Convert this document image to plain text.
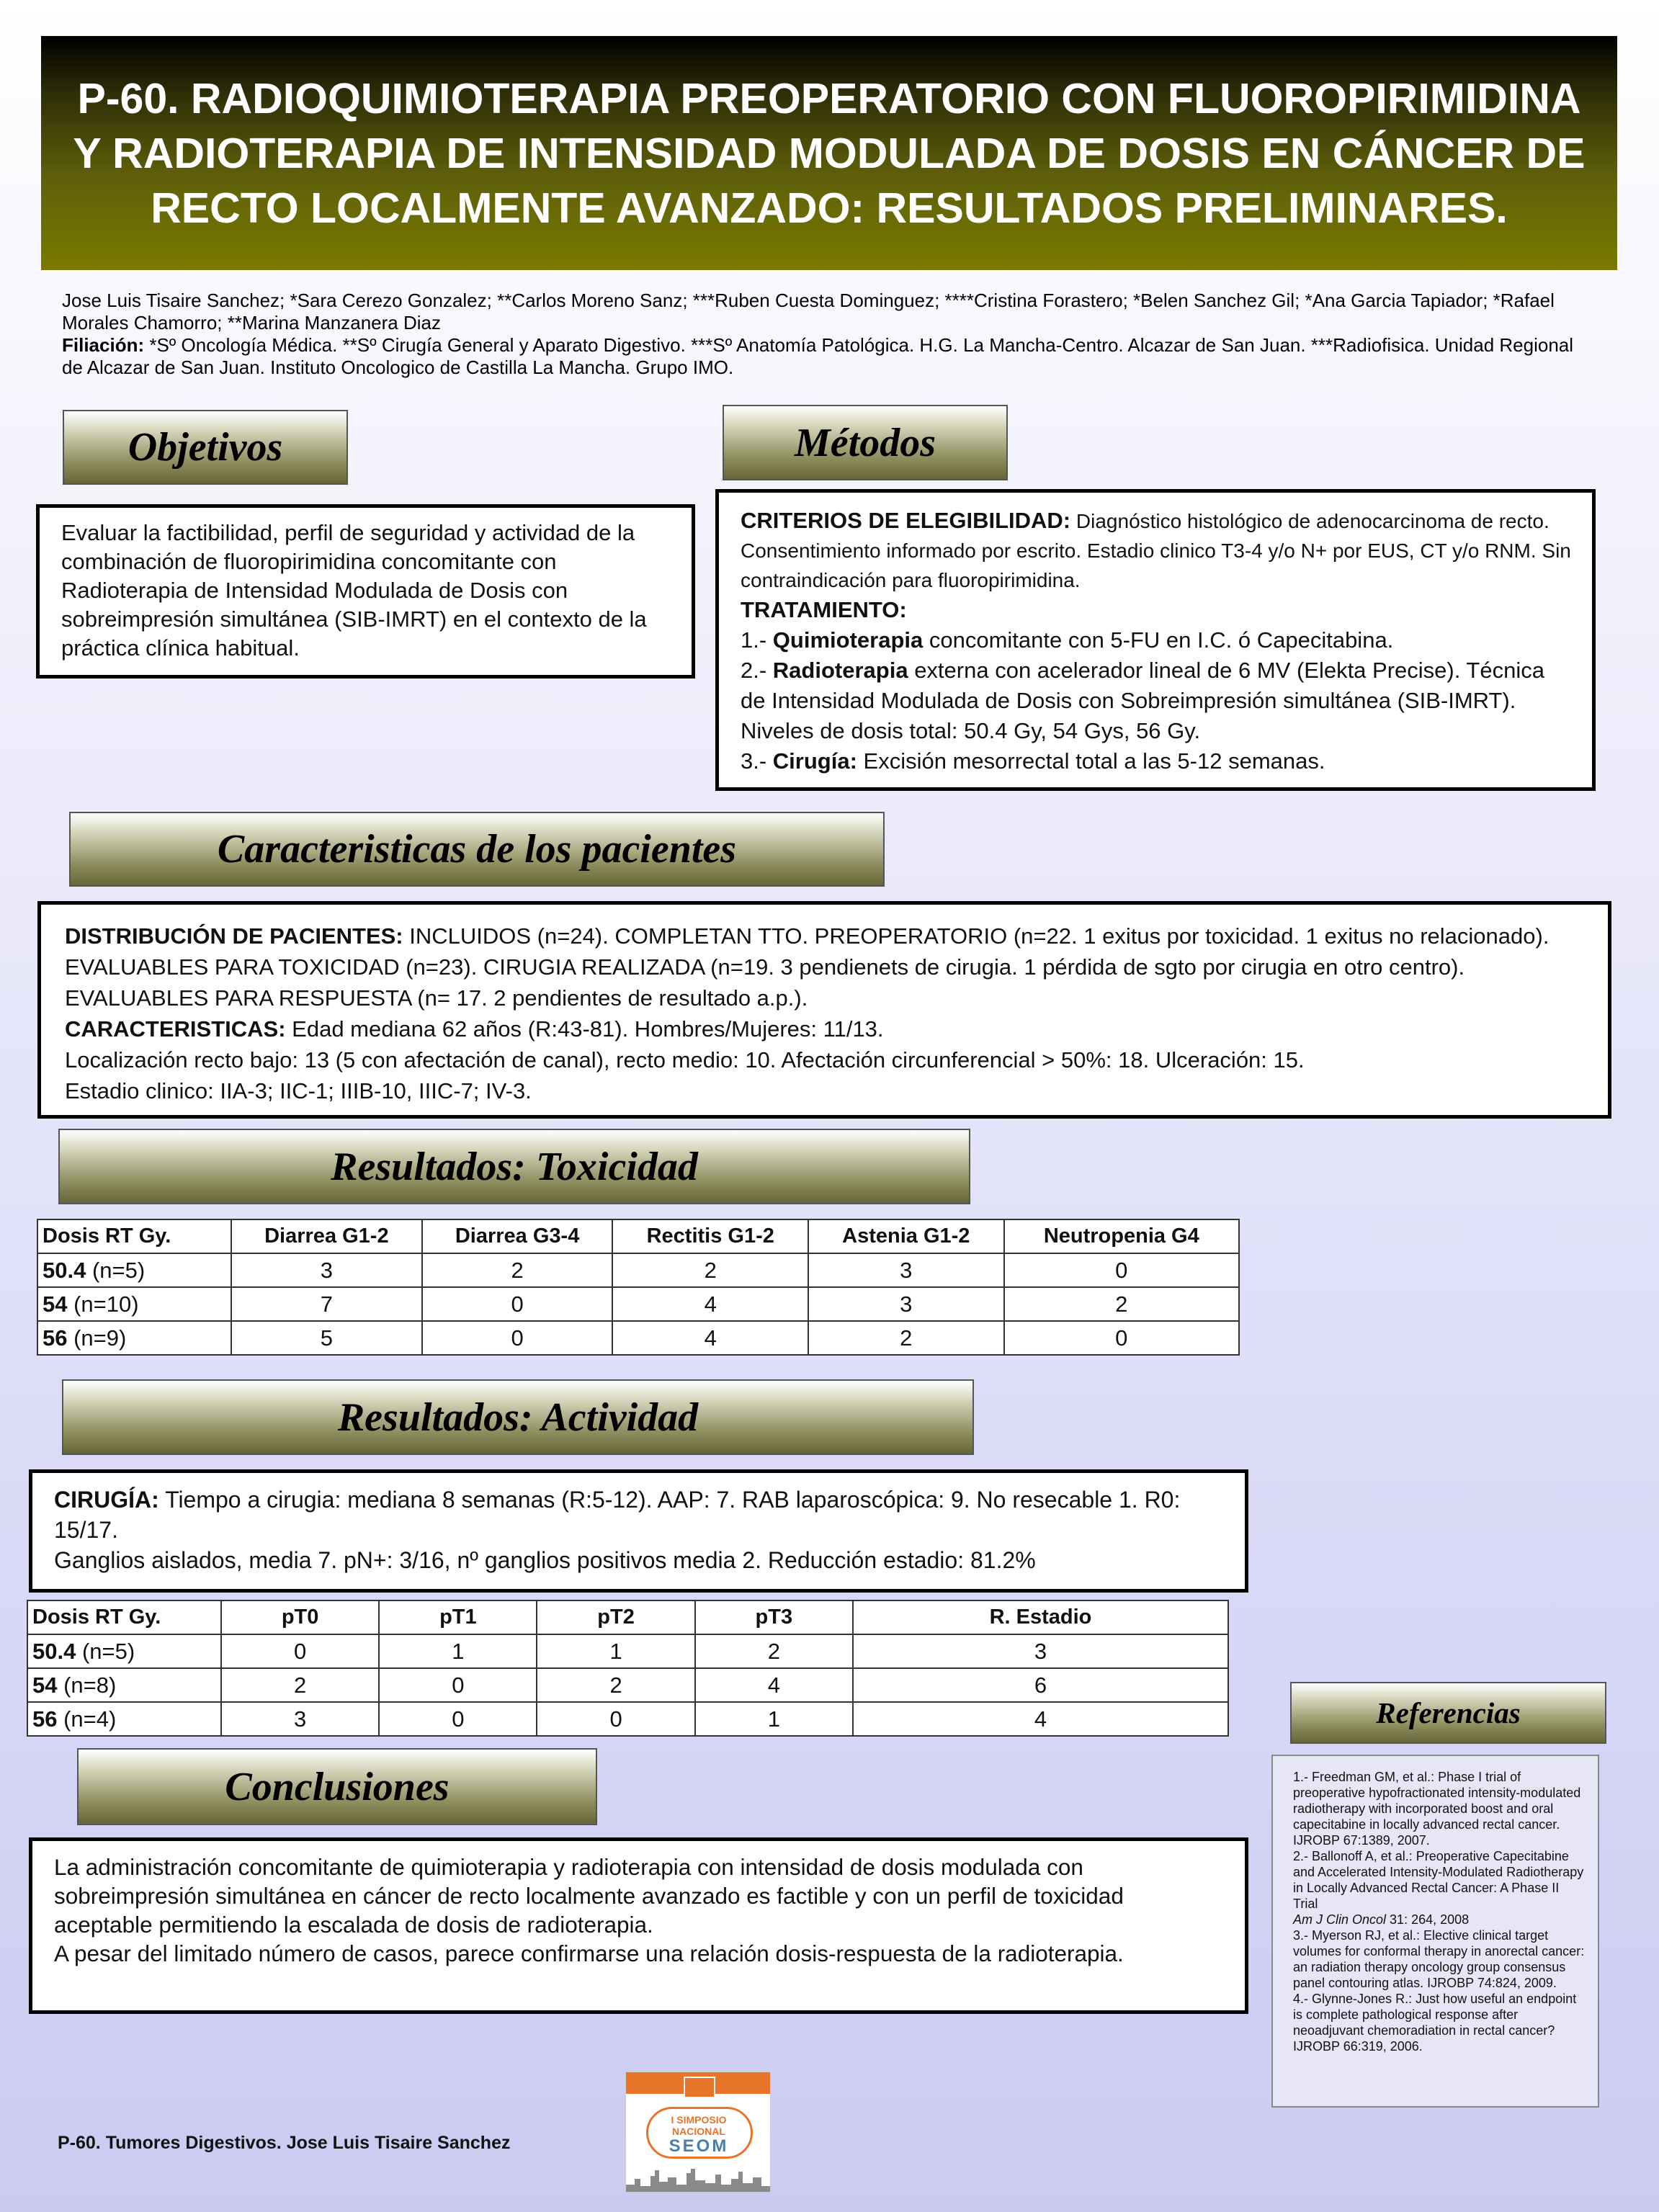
P-60. RADIOQUIMIOTERAPIA PREOPERATORIO CON FLUOROPIRIMIDINA Y RADIOTERAPIA DE INTENSIDAD MODULADA DE DOSIS EN CÁNCER DE RECTO LOCALMENTE AVANZADO: RESULTADOS PRELIMINARES.
Jose Luis Tisaire Sanchez; *Sara Cerezo Gonzalez; **Carlos Moreno Sanz; ***Ruben Cuesta Dominguez; ****Cristina Forastero; *Belen Sanchez Gil; *Ana Garcia Tapiador; *Rafael Morales Chamorro; **Marina Manzanera Diaz
Filiación: *Sº Oncología Médica. **Sº Cirugía General y Aparato Digestivo. ***Sº Anatomía Patológica. H.G. La Mancha-Centro. Alcazar de San Juan. ***Radiofisica. Unidad Regional de Alcazar de San Juan. Instituto Oncologico de Castilla La Mancha. Grupo IMO.
Objetivos
Evaluar la factibilidad, perfil de seguridad y actividad de la combinación de fluoropirimidina concomitante con Radioterapia de Intensidad Modulada de Dosis con sobreimpresión simultánea (SIB-IMRT) en el contexto de la práctica clínica habitual.
Métodos
CRITERIOS DE ELEGIBILIDAD: Diagnóstico histológico de adenocarcinoma de recto. Consentimiento informado por escrito. Estadio clinico T3-4 y/o N+ por EUS, CT y/o RNM. Sin contraindicación para fluoropirimidina.
TRATAMIENTO:
1.- Quimioterapia concomitante con 5-FU en I.C. ó Capecitabina.
2.- Radioterapia externa con acelerador lineal de 6 MV (Elekta Precise). Técnica de Intensidad Modulada de Dosis con Sobreimpresión simultánea (SIB-IMRT). Niveles de dosis total: 50.4 Gy, 54 Gys, 56 Gy.
3.- Cirugía: Excisión mesorrectal total a las 5-12 semanas.
Caracteristicas de los pacientes
DISTRIBUCIÓN DE PACIENTES: INCLUIDOS (n=24). COMPLETAN TTO. PREOPERATORIO (n=22. 1 exitus por toxicidad. 1 exitus no relacionado). EVALUABLES PARA TOXICIDAD (n=23). CIRUGIA REALIZADA (n=19. 3 pendienets de cirugia. 1 pérdida de sgto por cirugia en otro centro). EVALUABLES PARA RESPUESTA (n= 17. 2 pendientes de resultado a.p.).
CARACTERISTICAS: Edad mediana 62 años (R:43-81). Hombres/Mujeres: 11/13.
Localización recto bajo: 13 (5 con afectación de canal), recto medio: 10. Afectación circunferencial > 50%: 18. Ulceración: 15.
Estadio clinico: IIA-3; IIC-1; IIIB-10, IIIC-7; IV-3.
Resultados: Toxicidad
Dosis RT Gy.	Diarrea G1-2	Diarrea G3-4	Rectitis G1-2	Astenia G1-2	Neutropenia G4
50.4 (n=5)	3	2	2	3	0
54 (n=10)	7	0	4	3	2
56 (n=9)	5	0	4	2	0
Resultados: Actividad
CIRUGÍA: Tiempo a cirugia: mediana 8 semanas (R:5-12). AAP: 7. RAB laparoscópica: 9. No resecable 1. R0: 15/17.
Ganglios aislados, media 7. pN+: 3/16, nº ganglios positivos media 2. Reducción estadio: 81.2%
Dosis RT Gy.	pT0	pT1	pT2	pT3	R. Estadio
50.4 (n=5)	0	1	1	2	3
54 (n=8)	2	0	2	4	6
56 (n=4)	3	0	0	1	4
Conclusiones
La administración concomitante de quimioterapia y radioterapia con intensidad de dosis modulada con sobreimpresión simultánea en cáncer de recto localmente avanzado es factible y con un perfil de toxicidad aceptable permitiendo la escalada de dosis de radioterapia.
A pesar del limitado número de casos, parece confirmarse una relación dosis-respuesta de la radioterapia.
Referencias
1.- Freedman GM, et al.: Phase I trial of preoperative hypofractionated intensity-modulated radiotherapy with incorporated boost and oral capecitabine in locally advanced rectal cancer. IJROBP 67:1389, 2007.
2.- Ballonoff A, et al.: Preoperative Capecitabine and Accelerated Intensity-Modulated Radiotherapy in Locally Advanced Rectal Cancer: A Phase II Trial
Am J Clin Oncol 31: 264, 2008
3.- Myerson RJ, et al.: Elective clinical target volumes for conformal therapy in anorectal cancer: an radiation therapy oncology group consensus panel contouring atlas. IJROBP 74:824, 2009.
4.- Glynne-Jones R.: Just how useful an endpoint is complete pathological response after neoadjuvant chemoradiation in rectal cancer? IJROBP 66:319, 2006.
I SIMPOSIO
NACIONAL
SEOM
P-60. Tumores Digestivos. Jose Luis Tisaire Sanchez
